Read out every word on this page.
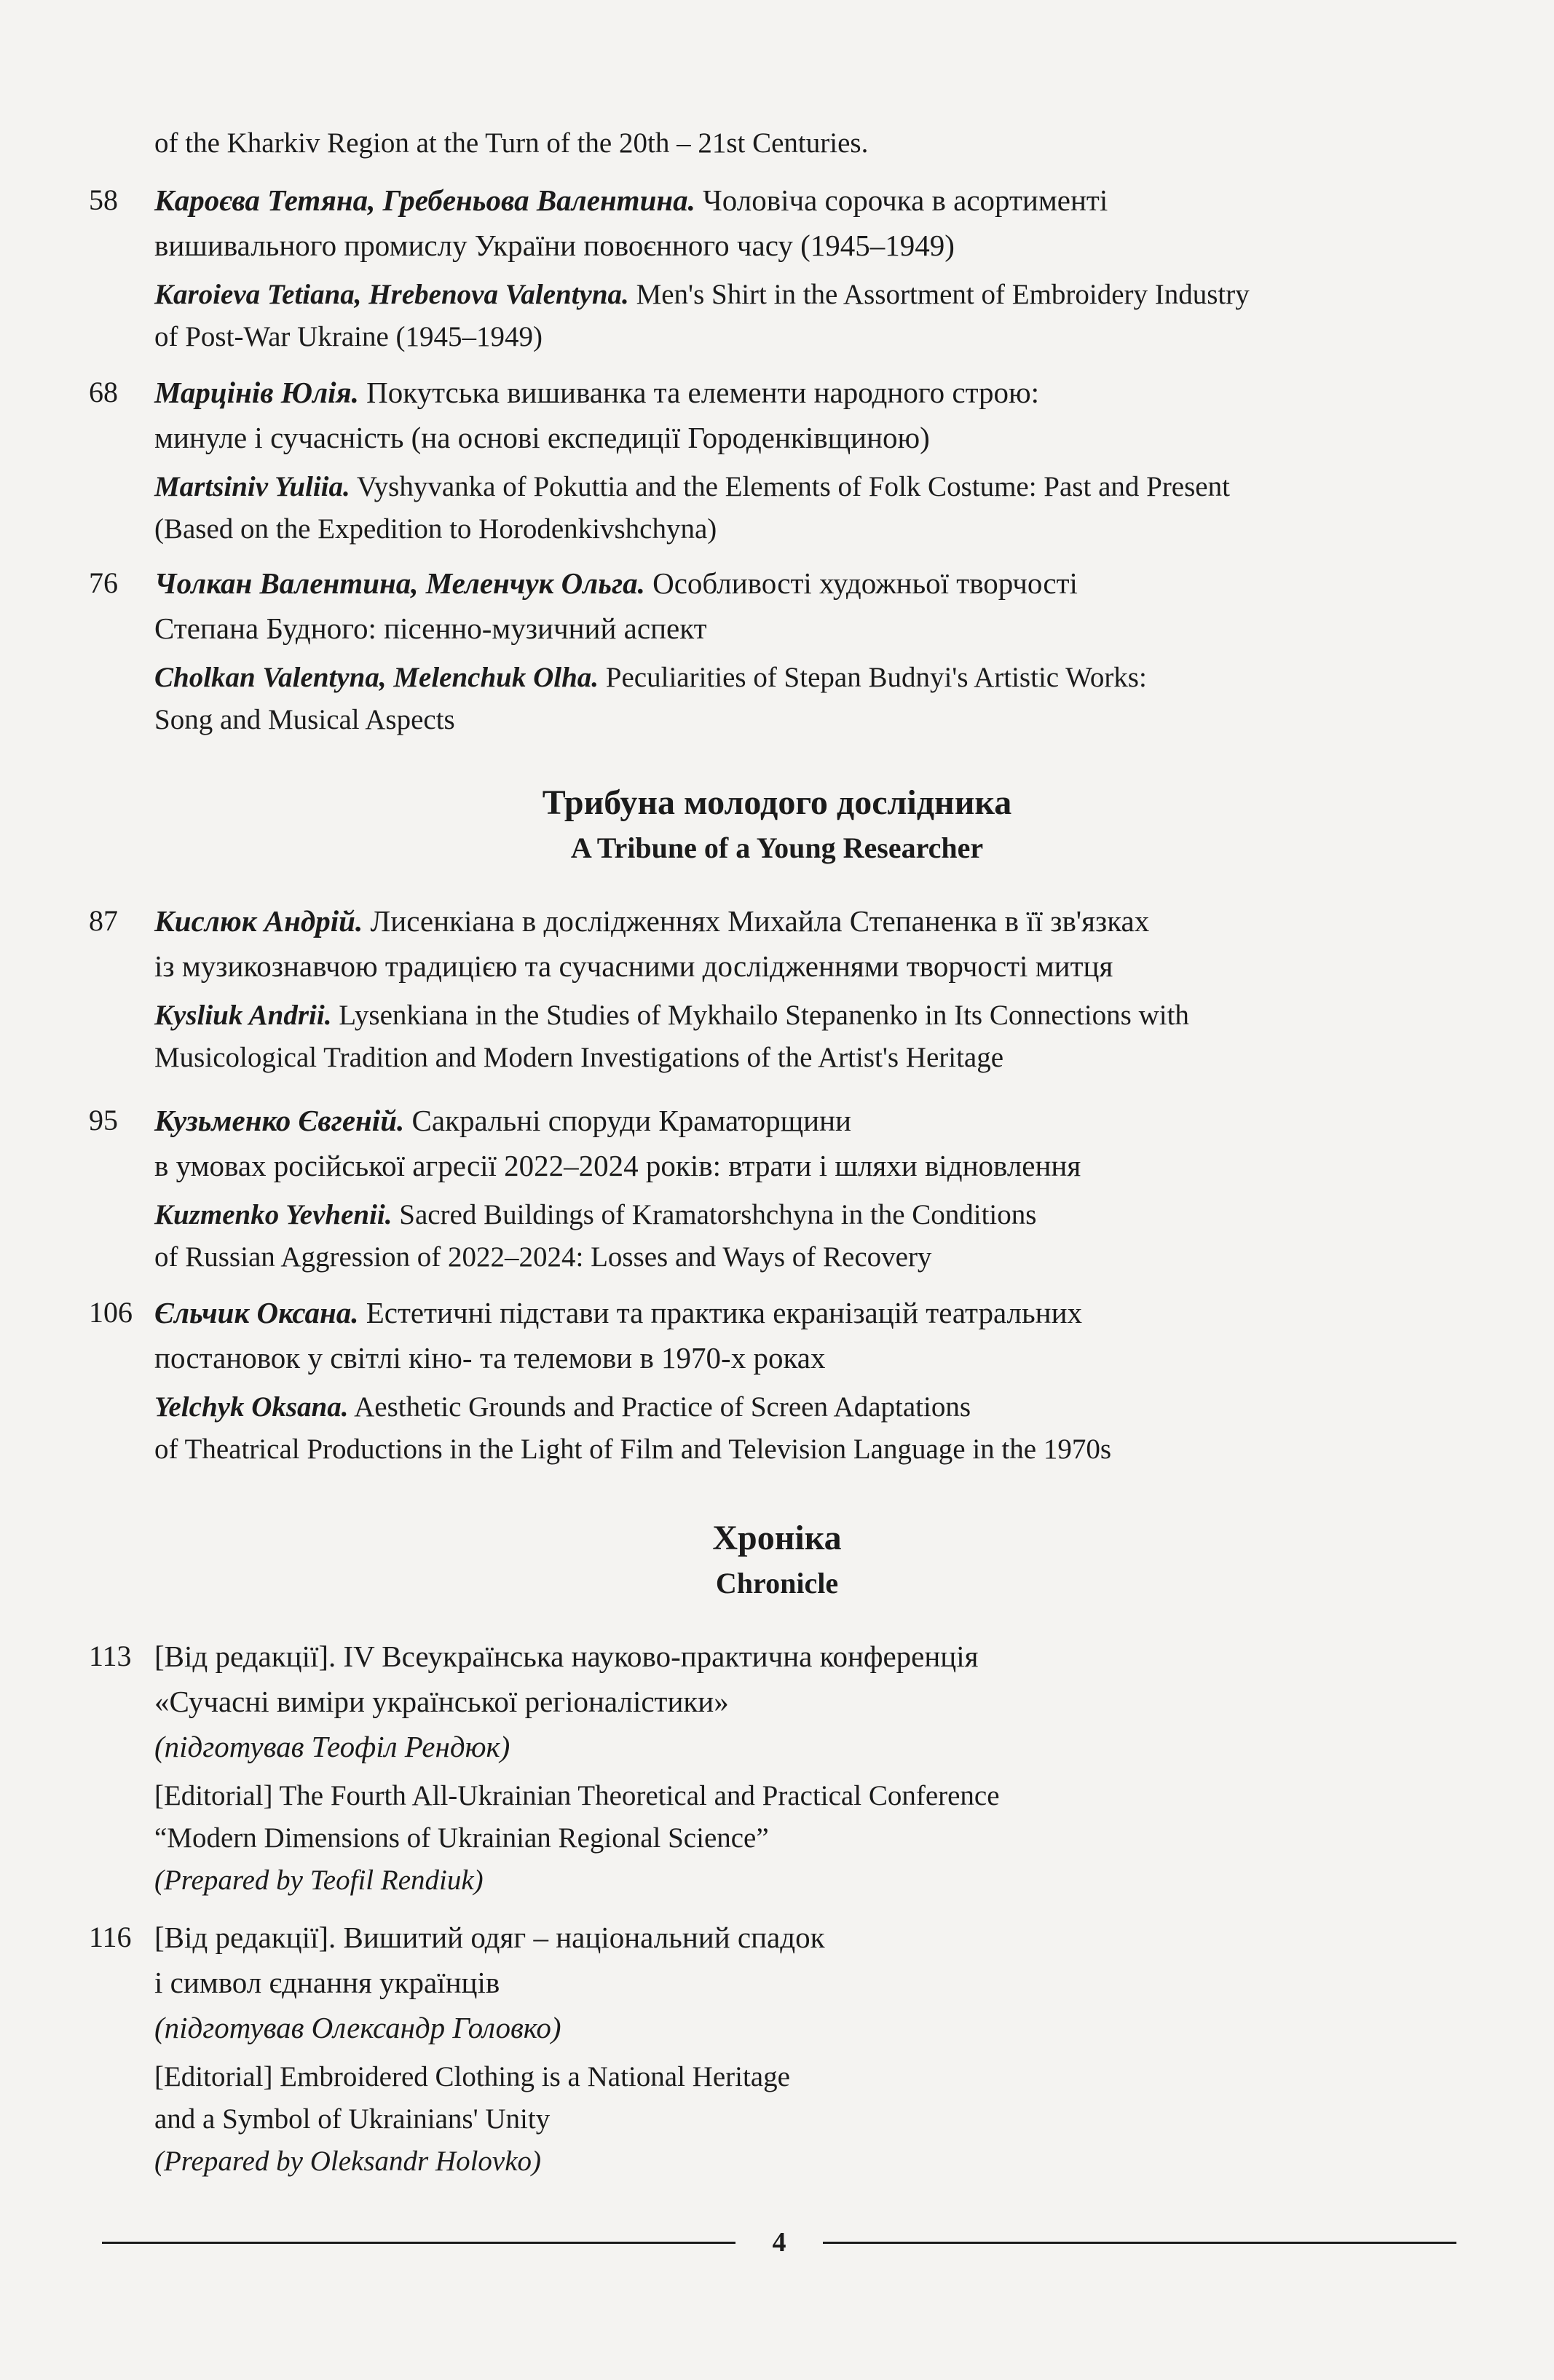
of the Kharkiv Region at the Turn of the 20th – 21st Centuries.

58	Кароєва Тетяна, Гребеньова Валентина. Чоловіча сорочка в асортименті
вишивального промислу України повоєнного часу (1945–1949)

Karoieva Tetiana, Hrebenova Valentyna. Men's Shirt in the Assortment of Embroidery Industry
of Post-War Ukraine (1945–1949)

68	Марцінів Юлія. Покутська вишиванка та елементи народного строю:
минуле і сучасність (на основі експедиції Городенківщиною)

Martsiniv Yuliia. Vyshyvanka of Pokuttia and the Elements of Folk Costume: Past and Present
(Based on the Expedition to Horodenkivshchyna)

76	Чолкан Валентина, Меленчук Ольга. Особливості художньої творчості
Степана Будного: пісенно-музичний аспект

Cholkan Valentyna, Melenchuk Olha. Peculiarities of Stepan Budnyi's Artistic Works:
Song and Musical Aspects

Трибуна молодого дослідника
A Tribune of a Young Researcher
87	Кислюк Андрій. Лисенкіана в дослідженнях Михайла Степаненка в її зв'язках
із музикознавчою традицією та сучасними дослідженнями творчості митця

Kysliuk Andrii. Lysenkiana in the Studies of Mykhailo Stepanenko in Its Connections with
Musicological Tradition and Modern Investigations of the Artist's Heritage

95	Кузьменко Євгеній. Сакральні споруди Краматорщини
в умовах російської агресії 2022–2024 років: втрати і шляхи відновлення

Kuzmenko Yevhenii. Sacred Buildings of Kramatorshchyna in the Conditions
of Russian Aggression of 2022–2024: Losses and Ways of Recovery

106 Єльчик Оксана. Естетичні підстави та практика екранізацій театральних
постановок у світлі кіно- та телемови в 1970-х роках

Yelchyk Oksana. Aesthetic Grounds and Practice of Screen Adaptations
of Theatrical Productions in the Light of Film and Television Language in the 1970s

Хроніка
Chronicle
113 [Від редакції]. IV Всеукраїнська науково-практична конференція
«Сучасні виміри української регіоналістики»
(підготував Теофіл Рендюк)

[Editorial] The Fourth All-Ukrainian Theoretical and Practical Conference
“Modern Dimensions of Ukrainian Regional Science”
(Prepared by Teofil Rendiuk)

116 [Від редакції]. Вишитий одяг – національний спадок
і символ єднання українців
(підготував Олександр Головко)

[Editorial] Embroidered Clothing is a National Heritage
and a Symbol of Ukrainians' Unity
(Prepared by Oleksandr Holovko)

4
